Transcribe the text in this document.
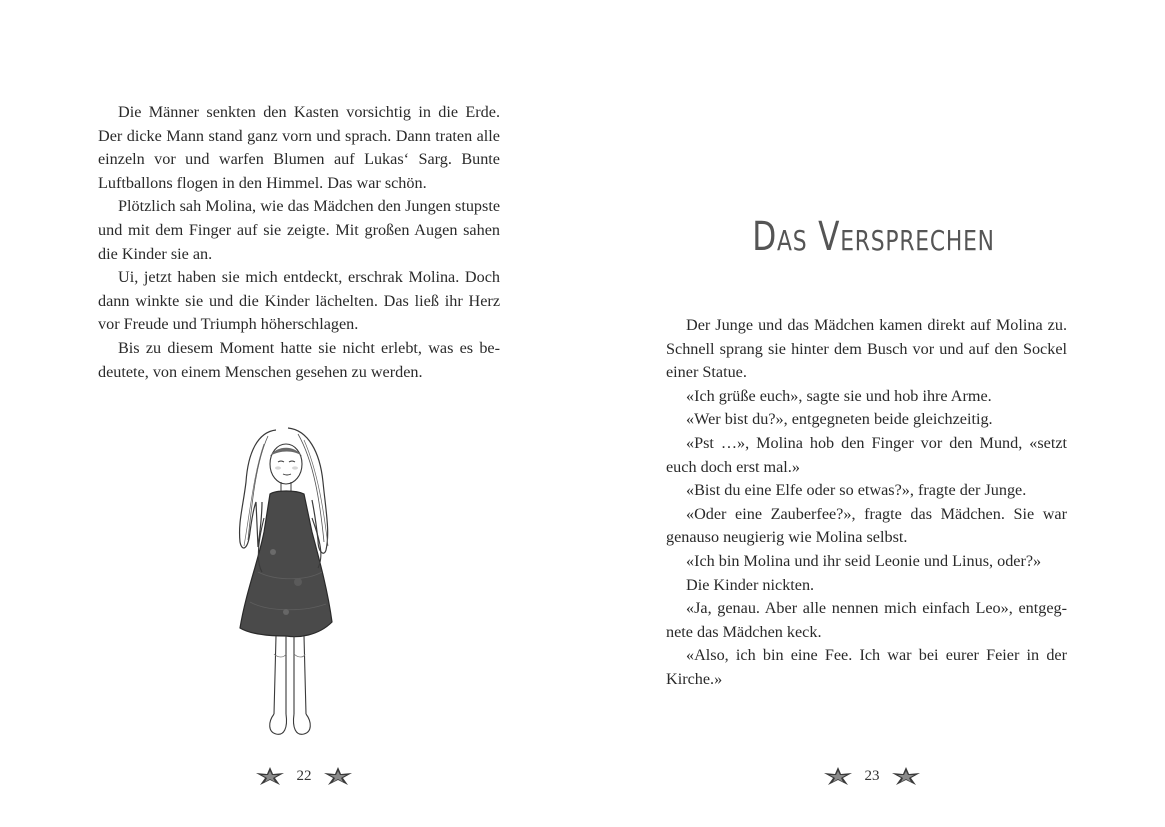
Die Männer senkten den Kasten vorsichtig in die Erde. Der dicke Mann stand ganz vorn und sprach. Dann traten alle einzeln vor und warfen Blumen auf Lukas‘ Sarg. Bunte Luftballons flogen in den Himmel. Das war schön.

Plötzlich sah Molina, wie das Mädchen den Jungen stupste und mit dem Finger auf sie zeigte. Mit großen Augen sahen die Kinder sie an.

Ui, jetzt haben sie mich entdeckt, erschrak Molina. Doch dann winkte sie und die Kinder lächelten. Das ließ ihr Herz vor Freude und Triumph höherschlagen.

Bis zu diesem Moment hatte sie nicht erlebt, was es bedeutete, von einem Menschen gesehen zu werden.

22
Das Versprechen

Der Junge und das Mädchen kamen direkt auf Molina zu. Schnell sprang sie hinter dem Busch vor und auf den Sockel einer Statue.

«Ich grüße euch», sagte sie und hob ihre Arme.

«Wer bist du?», entgegneten beide gleichzeitig.

«Pst …», Molina hob den Finger vor den Mund, «setzt euch doch erst mal.»

«Bist du eine Elfe oder so etwas?», fragte der Junge.

«Oder eine Zauberfee?», fragte das Mädchen. Sie war genauso neugierig wie Molina selbst.

«Ich bin Molina und ihr seid Leonie und Linus, oder?»

Die Kinder nickten.

«Ja, genau. Aber alle nennen mich einfach Leo», entgegnete das Mädchen keck.

«Also, ich bin eine Fee. Ich war bei eurer Feier in der Kirche.»

23
